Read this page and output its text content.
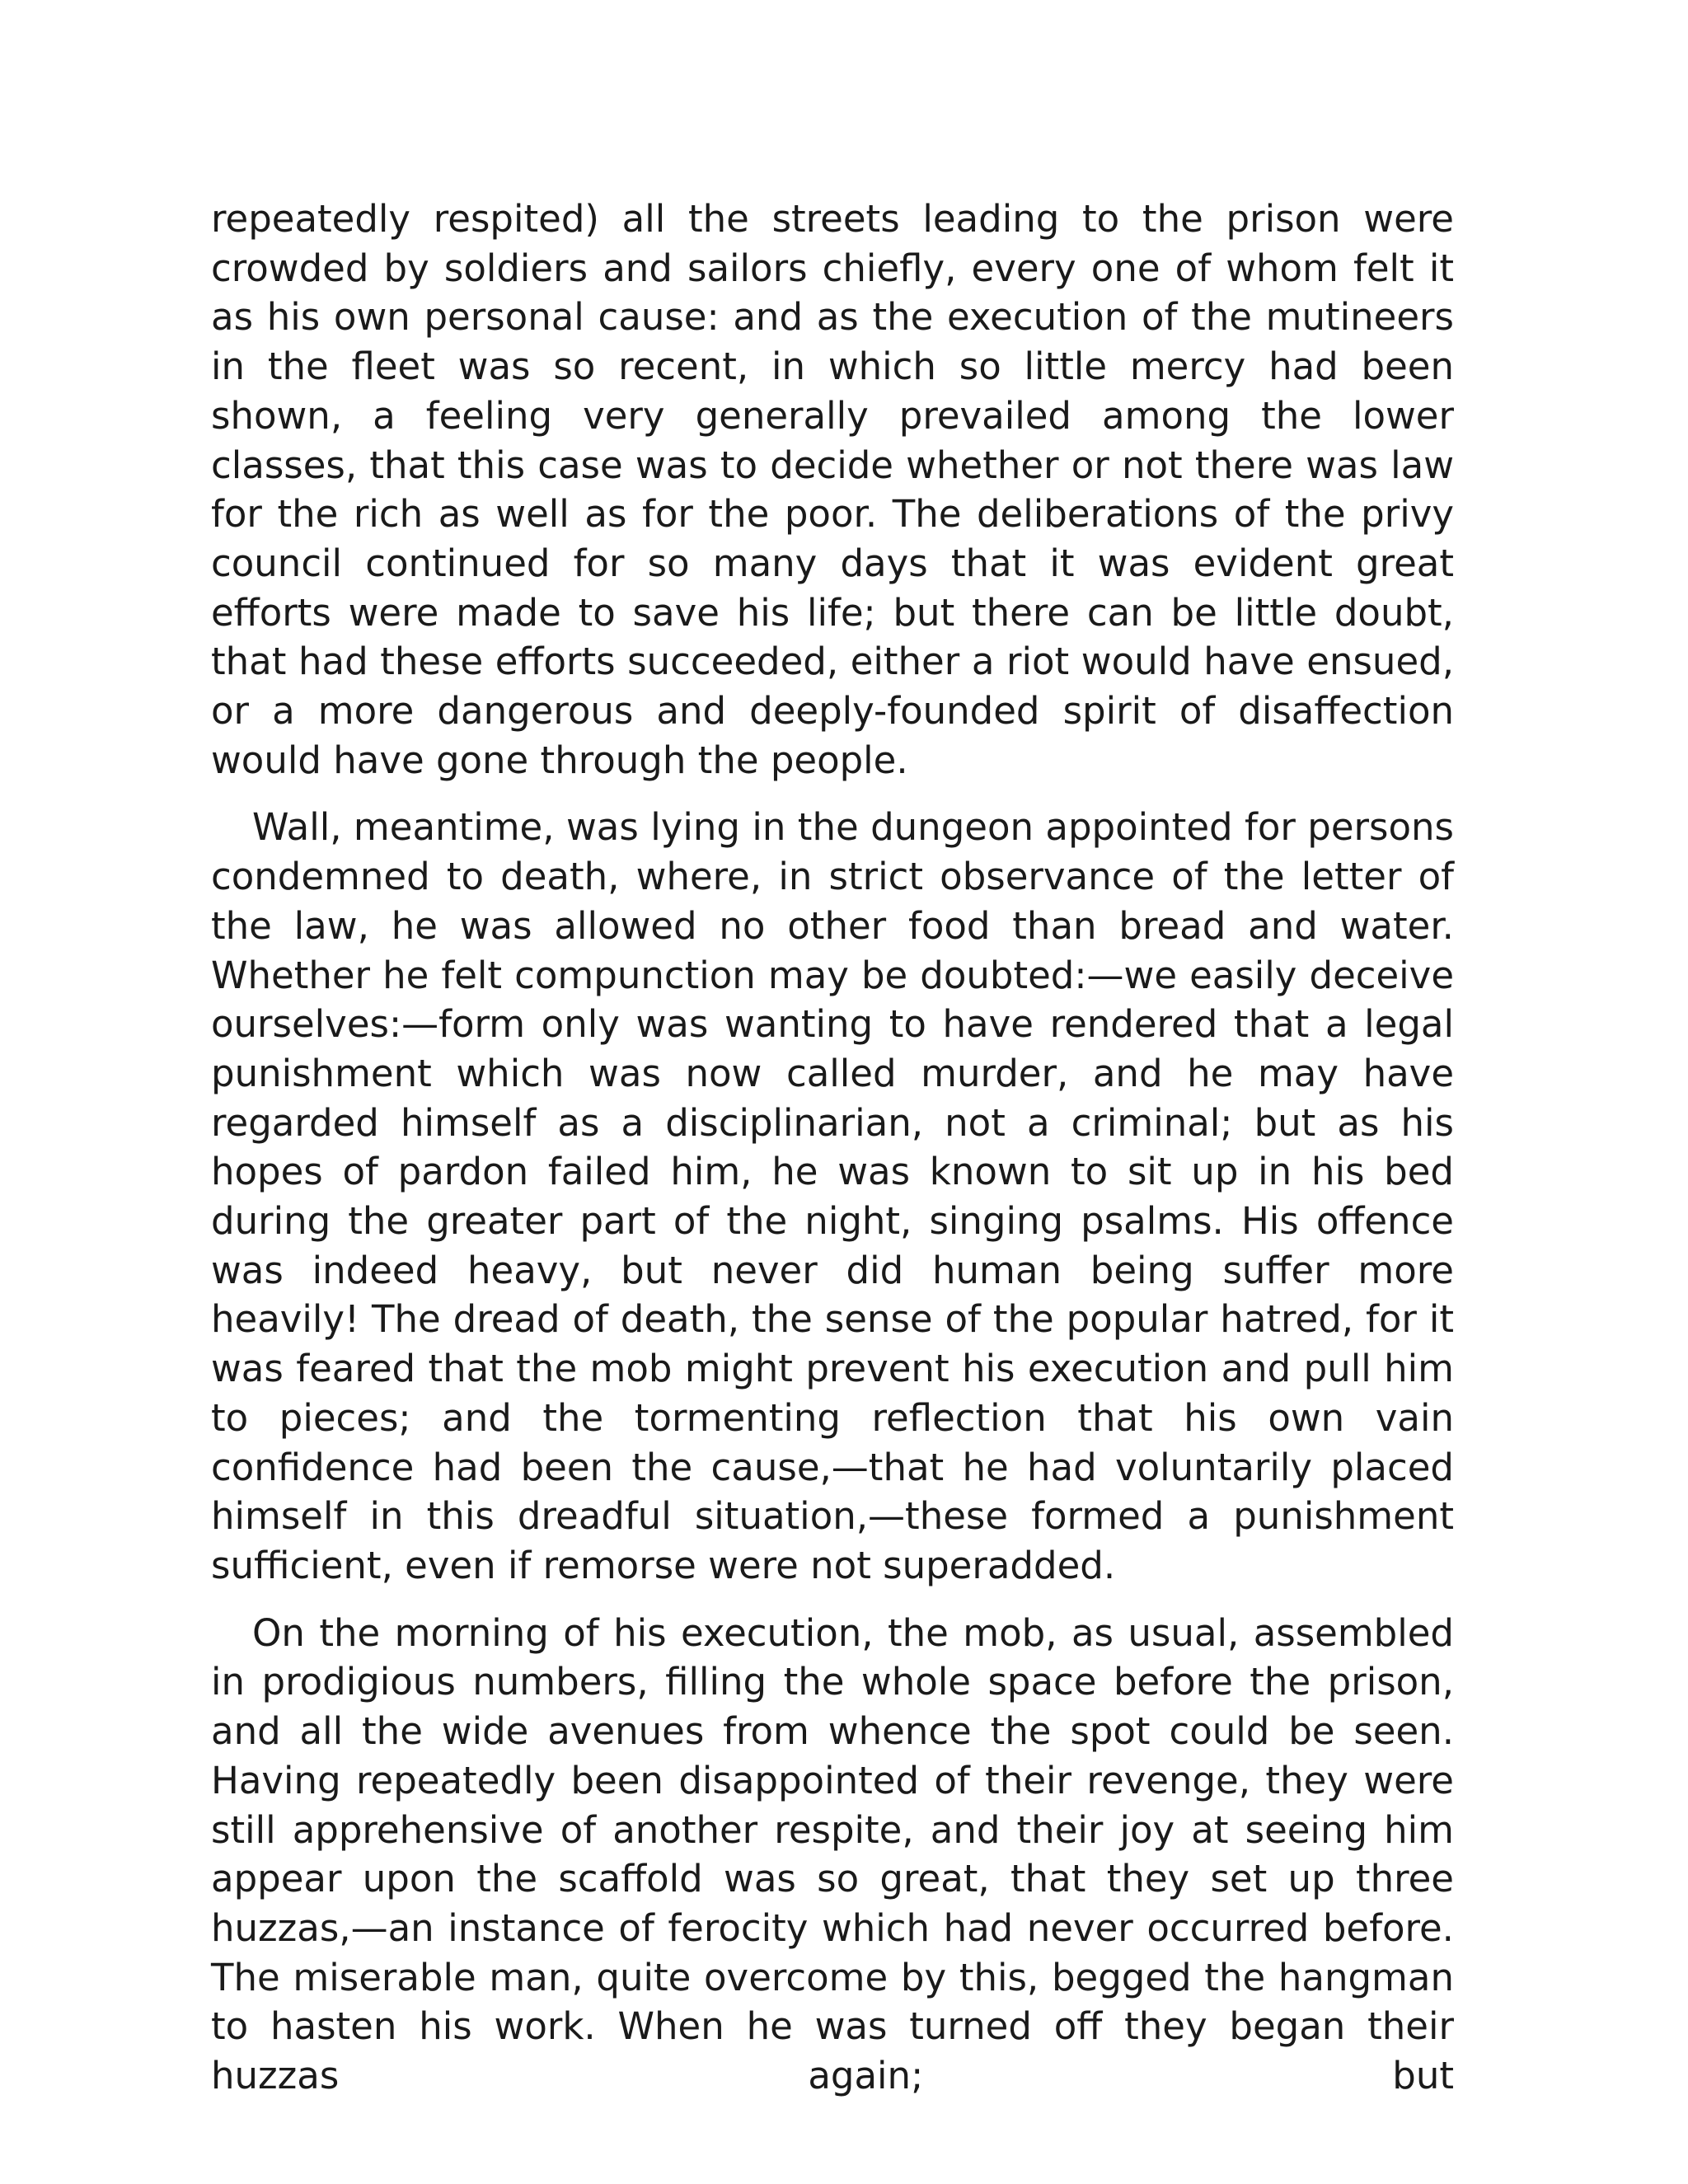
repeatedly respited) all the streets leading to the prison were crowded by soldiers and sailors chiefly, every one of whom felt it as his own personal cause: and as the execution of the mutineers in the fleet was so recent, in which so little mercy had been shown, a feeling very generally prevailed among the lower classes, that this case was to decide whether or not there was law for the rich as well as for the poor. The deliberations of the privy council continued for so many days that it was evident great efforts were made to save his life; but there can be little doubt, that had these efforts succeeded, either a riot would have ensued, or a more dangerous and deeply-founded spirit of disaffection would have gone through the people.

Wall, meantime, was lying in the dungeon appointed for persons condemned to death, where, in strict observance of the letter of the law, he was allowed no other food than bread and water. Whether he felt compunction may be doubted:—we easily deceive ourselves:—form only was wanting to have rendered that a legal punishment which was now called murder, and he may have regarded himself as a disciplinarian, not a criminal; but as his hopes of pardon failed him, he was known to sit up in his bed during the greater part of the night, singing psalms. His offence was indeed heavy, but never did human being suffer more heavily! The dread of death, the sense of the popular hatred, for it was feared that the mob might prevent his execution and pull him to pieces; and the tormenting reflection that his own vain confidence had been the cause,—that he had voluntarily placed himself in this dreadful situation,—these formed a punishment sufficient, even if remorse were not superadded.

On the morning of his execution, the mob, as usual, assembled in prodigious numbers, filling the whole space before the prison, and all the wide avenues from whence the spot could be seen. Having repeatedly been disappointed of their revenge, they were still apprehensive of another respite, and their joy at seeing him appear upon the scaffold was so great, that they set up three huzzas,—an instance of ferocity which had never occurred before. The miserable man, quite overcome by this, begged the hangman to hasten his work. When he was turned off they began their huzzas again; but
